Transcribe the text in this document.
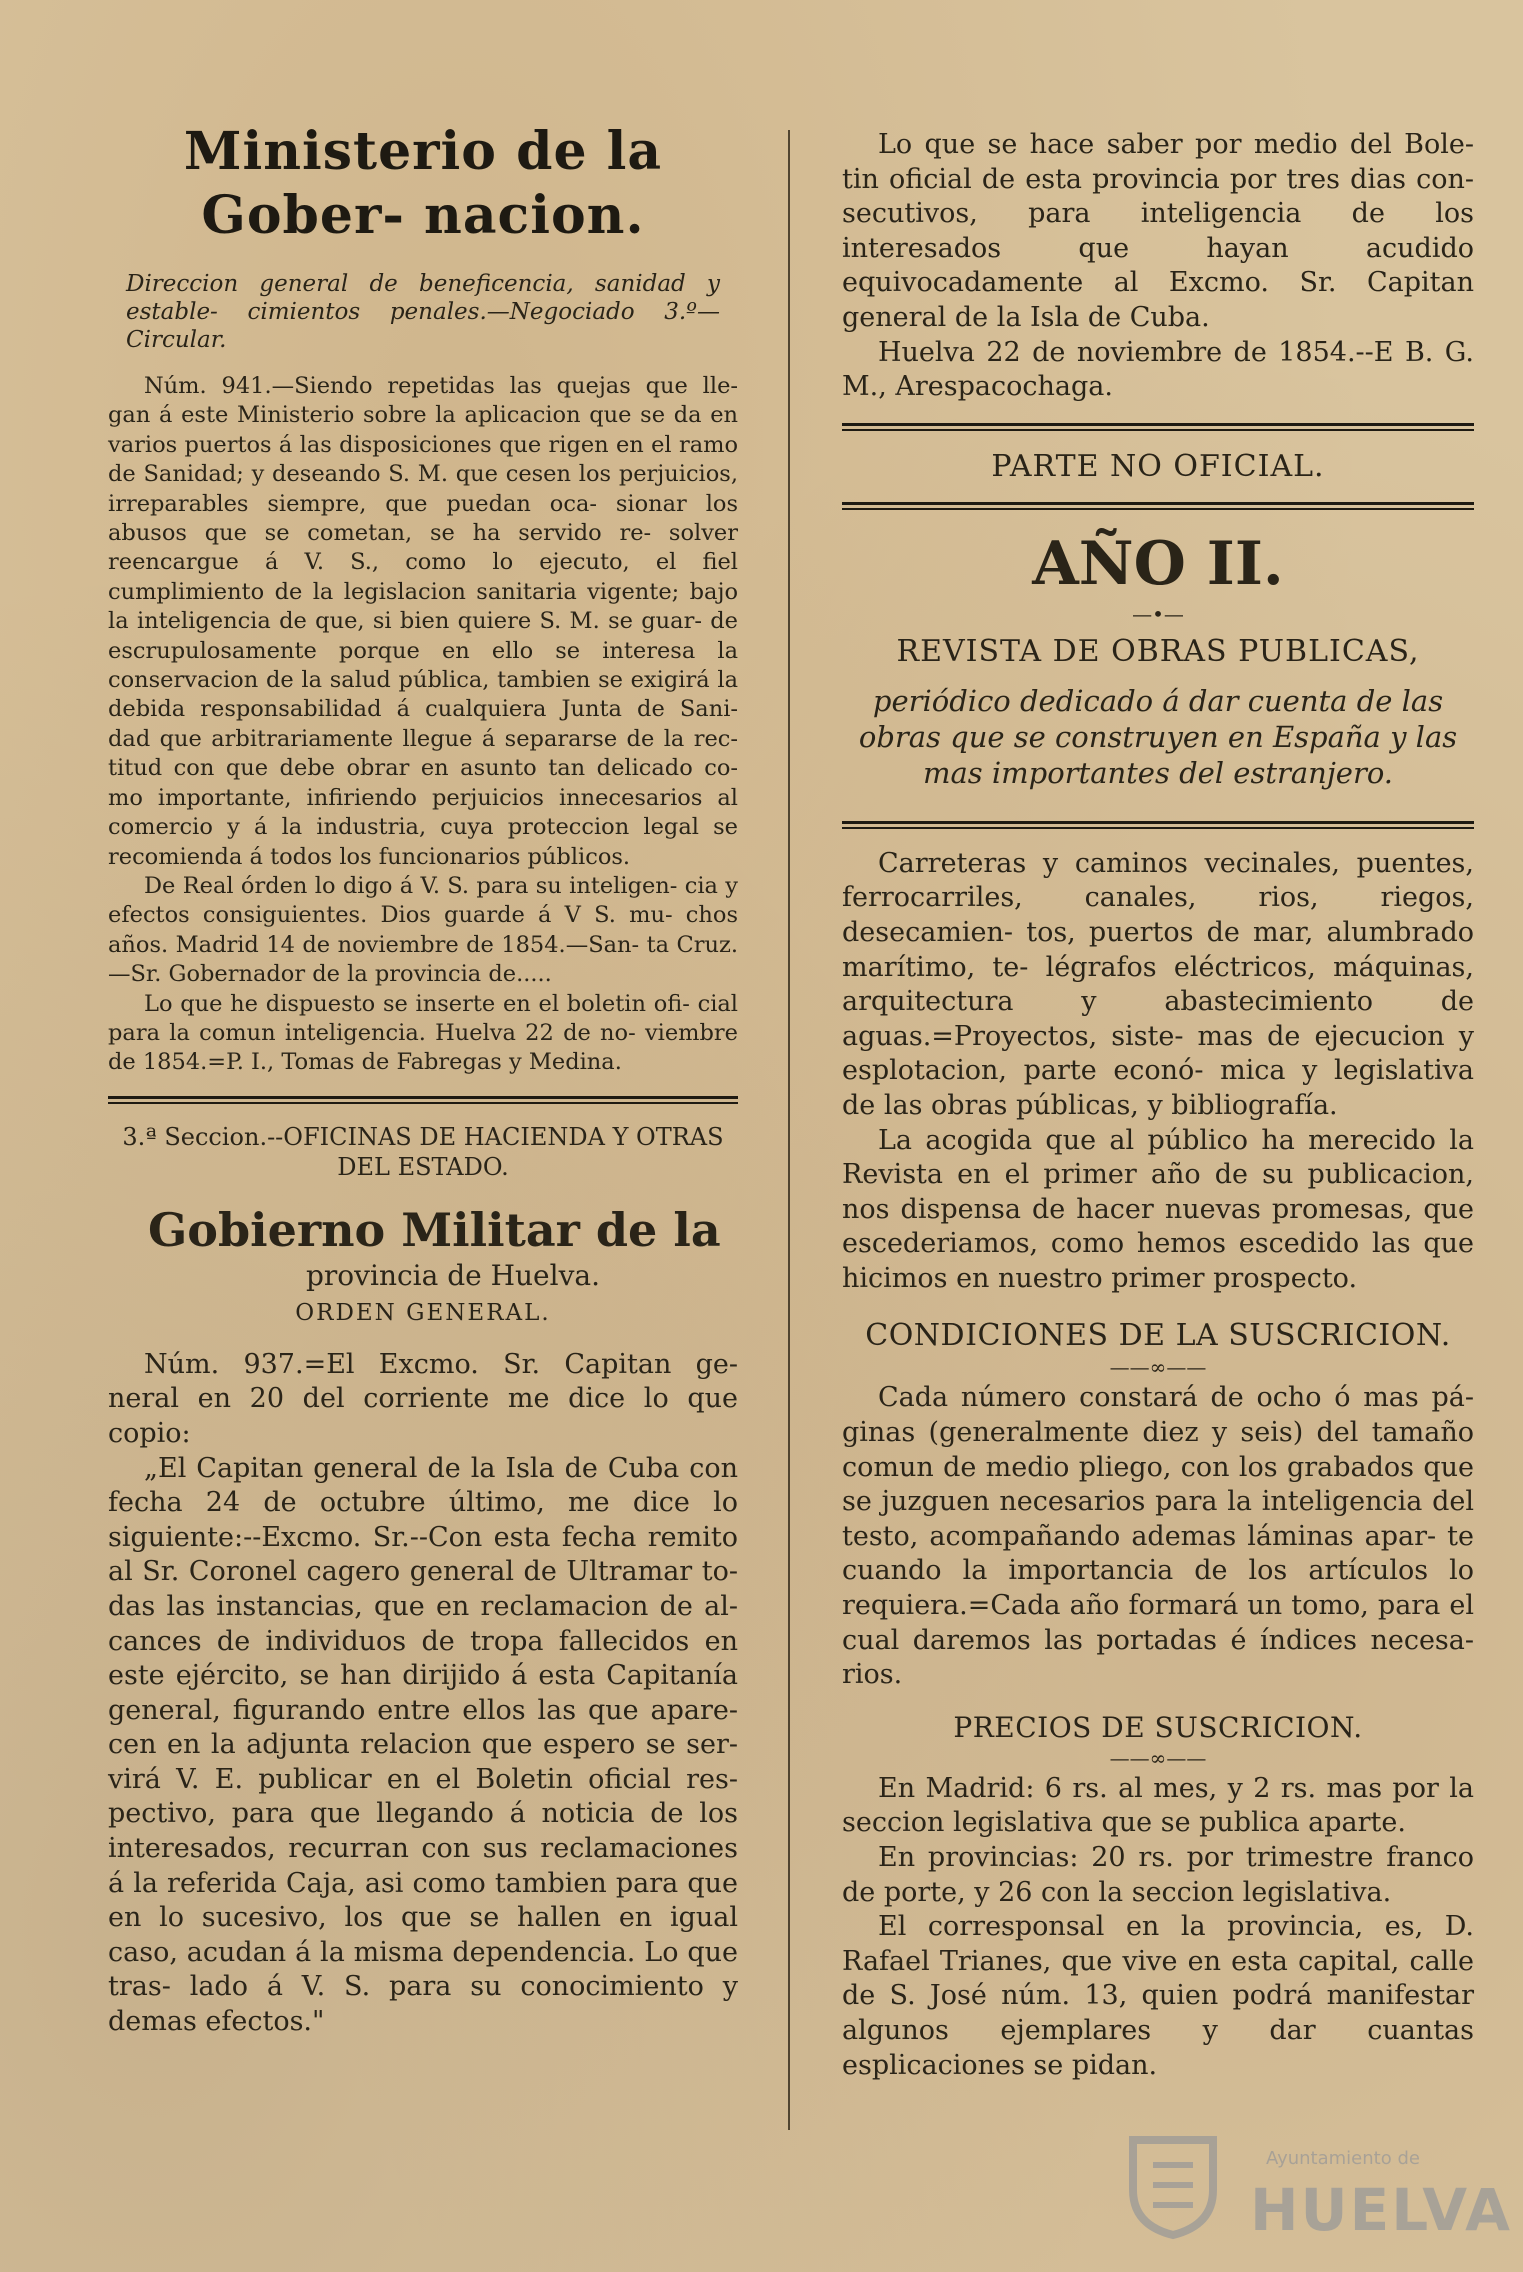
Ministerio de la Gober- nacion.
Direccion general de beneficencia, sanidad y estable- cimientos penales.—Negociado 3.º—Circular.

Núm. 941.—Siendo repetidas las quejas que lle- gan á este Ministerio sobre la aplicacion que se da en varios puertos á las disposiciones que rigen en el ramo de Sanidad; y deseando S. M. que cesen los perjuicios, irreparables siempre, que puedan oca- sionar los abusos que se cometan, se ha servido re- solver reencargue á V. S., como lo ejecuto, el fiel cumplimiento de la legislacion sanitaria vigente; bajo la inteligencia de que, si bien quiere S. M. se guar- de escrupulosamente porque en ello se interesa la conservacion de la salud pública, tambien se exigirá la debida responsabilidad á cualquiera Junta de Sani- dad que arbitrariamente llegue á separarse de la rec- titud con que debe obrar en asunto tan delicado co- mo importante, infiriendo perjuicios innecesarios al comercio y á la industria, cuya proteccion legal se recomienda á todos los funcionarios públicos.

De Real órden lo digo á V. S. para su inteligen- cia y efectos consiguientes. Dios guarde á V S. mu- chos años. Madrid 14 de noviembre de 1854.—San- ta Cruz.—Sr. Gobernador de la provincia de.....

Lo que he dispuesto se inserte en el boletin ofi- cial para la comun inteligencia. Huelva 22 de no- viembre de 1854.=P. I., Tomas de Fabregas y Medina.

3.ª Seccion.--OFICINAS DE HACIENDA Y OTRAS DEL ESTADO.
Gobierno Militar de la
provincia de Huelva.
ORDEN GENERAL.

Núm. 937.=El Excmo. Sr. Capitan ge- neral en 20 del corriente me dice lo que copio:

„El Capitan general de la Isla de Cuba con fecha 24 de octubre último, me dice lo siguiente:--Excmo. Sr.--Con esta fecha remito al Sr. Coronel cagero general de Ultramar to- das las instancias, que en reclamacion de al- cances de individuos de tropa fallecidos en este ejército, se han dirijido á esta Capitanía general, figurando entre ellos las que apare- cen en la adjunta relacion que espero se ser- virá V. E. publicar en el Boletin oficial res- pectivo, para que llegando á noticia de los interesados, recurran con sus reclamaciones á la referida Caja, asi como tambien para que en lo sucesivo, los que se hallen en igual caso, acudan á la misma dependencia. Lo que tras- lado á V. S. para su conocimiento y demas efectos."

Lo que se hace saber por medio del Bole- tin oficial de esta provincia por tres dias con- secutivos, para inteligencia de los interesados que hayan acudido equivocadamente al Excmo. Sr. Capitan general de la Isla de Cuba.

Huelva 22 de noviembre de 1854.--E B. G. M., Arespacochaga.

PARTE NO OFICIAL.
AÑO II.
—•—
REVISTA DE OBRAS PUBLICAS,
periódico dedicado á dar cuenta de las obras que se construyen en España y las mas importantes del estranjero.

Carreteras y caminos vecinales, puentes, ferrocarriles, canales, rios, riegos, desecamien- tos, puertos de mar, alumbrado marítimo, te- légrafos eléctricos, máquinas, arquitectura y abastecimiento de aguas.=Proyectos, siste- mas de ejecucion y esplotacion, parte econó- mica y legislativa de las obras públicas, y bibliografía.

La acogida que al público ha merecido la Revista en el primer año de su publicacion, nos dispensa de hacer nuevas promesas, que escederiamos, como hemos escedido las que hicimos en nuestro primer prospecto.

CONDICIONES DE LA SUSCRICION.
——∞——

Cada número constará de ocho ó mas pá- ginas (generalmente diez y seis) del tamaño comun de medio pliego, con los grabados que se juzguen necesarios para la inteligencia del testo, acompañando ademas láminas apar- te cuando la importancia de los artículos lo requiera.=Cada año formará un tomo, para el cual daremos las portadas é índices necesa- rios.

PRECIOS DE SUSCRICION.
——∞——

En Madrid: 6 rs. al mes, y 2 rs. mas por la seccion legislativa que se publica aparte.

En provincias: 20 rs. por trimestre franco de porte, y 26 con la seccion legislativa.

El corresponsal en la provincia, es, D. Rafael Trianes, que vive en esta capital, calle de S. José núm. 13, quien podrá manifestar algunos ejemplares y dar cuantas esplicaciones se pidan.

Ayuntamiento de
HUELVA
